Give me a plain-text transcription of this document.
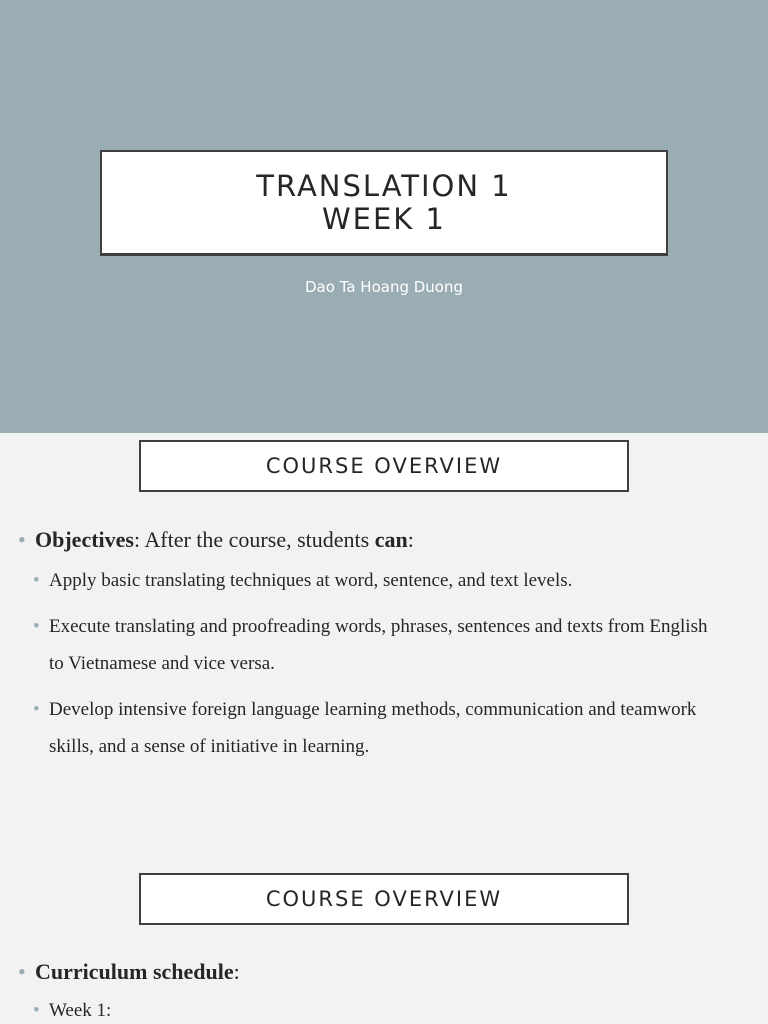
TRANSLATION 1
WEEK 1
Dao Ta Hoang Duong
COURSE OVERVIEW
• Objectives: After the course, students can:
• Apply basic translating techniques at word, sentence, and text levels.
• Execute translating and proofreading words, phrases, sentences and texts from English to Vietnamese and vice versa.
• Develop intensive foreign language learning methods, communication and teamwork skills, and a sense of initiative in learning.
COURSE OVERVIEW
• Curriculum schedule:
• Week 1:
